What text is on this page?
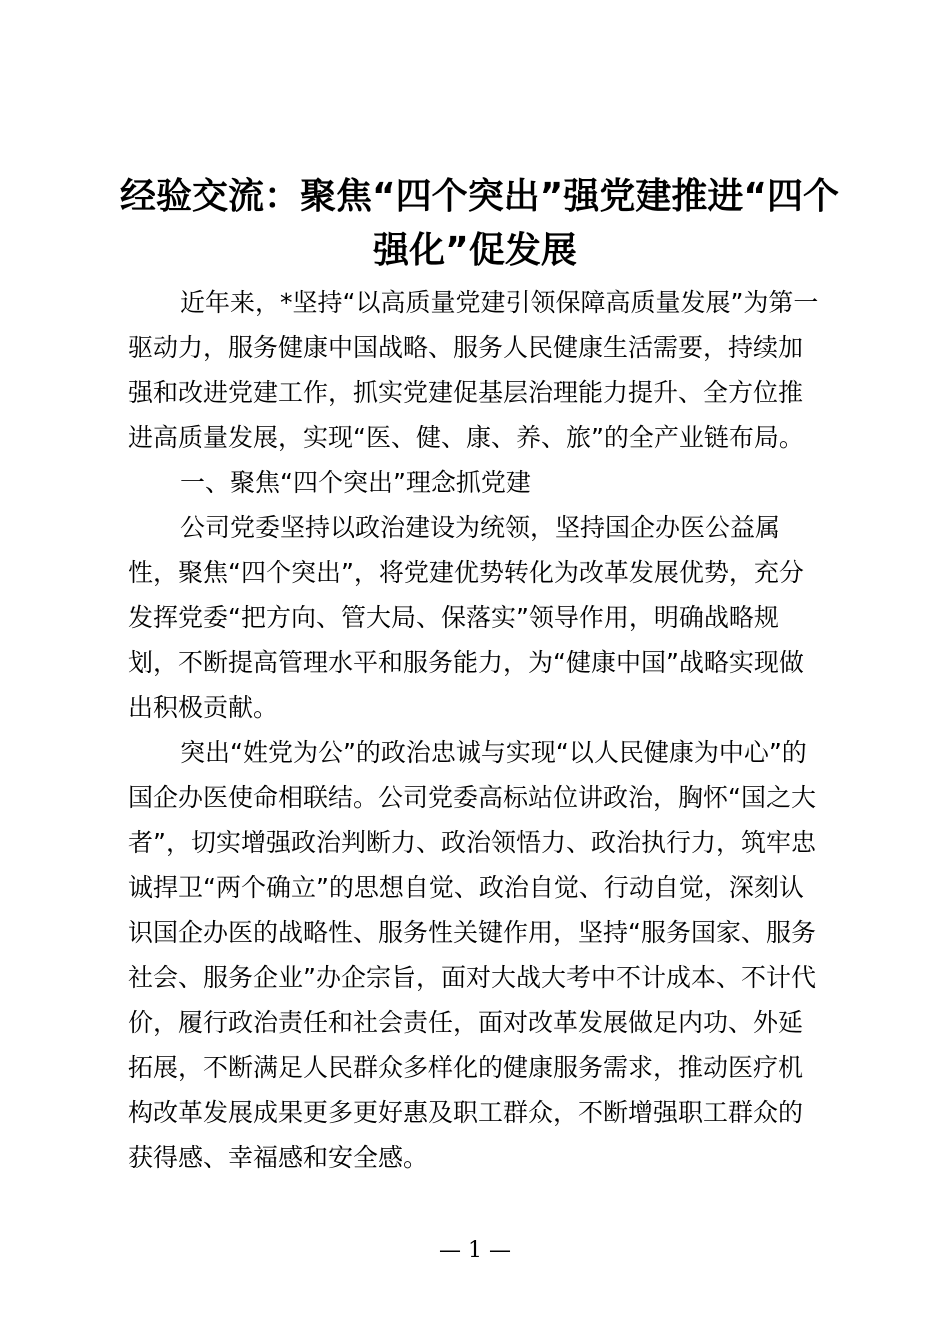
经验交流：聚焦“四个突出”强党建推进“四个
强化”促发展
近年来，*坚持“以高质量党建引领保障高质量发展”为第一
驱动力，服务健康中国战略、服务人民健康生活需要，持续加
强和改进党建工作，抓实党建促基层治理能力提升、全方位推
进高质量发展，实现“医、健、康、养、旅”的全产业链布局。
一、聚焦“四个突出”理念抓党建
公司党委坚持以政治建设为统领，坚持国企办医公益属
性，聚焦“四个突出”，将党建优势转化为改革发展优势，充分
发挥党委“把方向、管大局、保落实”领导作用，明确战略规
划，不断提高管理水平和服务能力，为“健康中国”战略实现做
出积极贡献。
突出“姓党为公”的政治忠诚与实现“以人民健康为中心”的
国企办医使命相联结。公司党委高标站位讲政治，胸怀“国之大
者”，切实增强政治判断力、政治领悟力、政治执行力，筑牢忠
诚捍卫“两个确立”的思想自觉、政治自觉、行动自觉，深刻认
识国企办医的战略性、服务性关键作用，坚持“服务国家、服务
社会、服务企业”办企宗旨，面对大战大考中不计成本、不计代
价，履行政治责任和社会责任，面对改革发展做足内功、外延
拓展，不断满足人民群众多样化的健康服务需求，推动医疗机
构改革发展成果更多更好惠及职工群众，不断增强职工群众的
获得感、幸福感和安全感。
— 1 —
